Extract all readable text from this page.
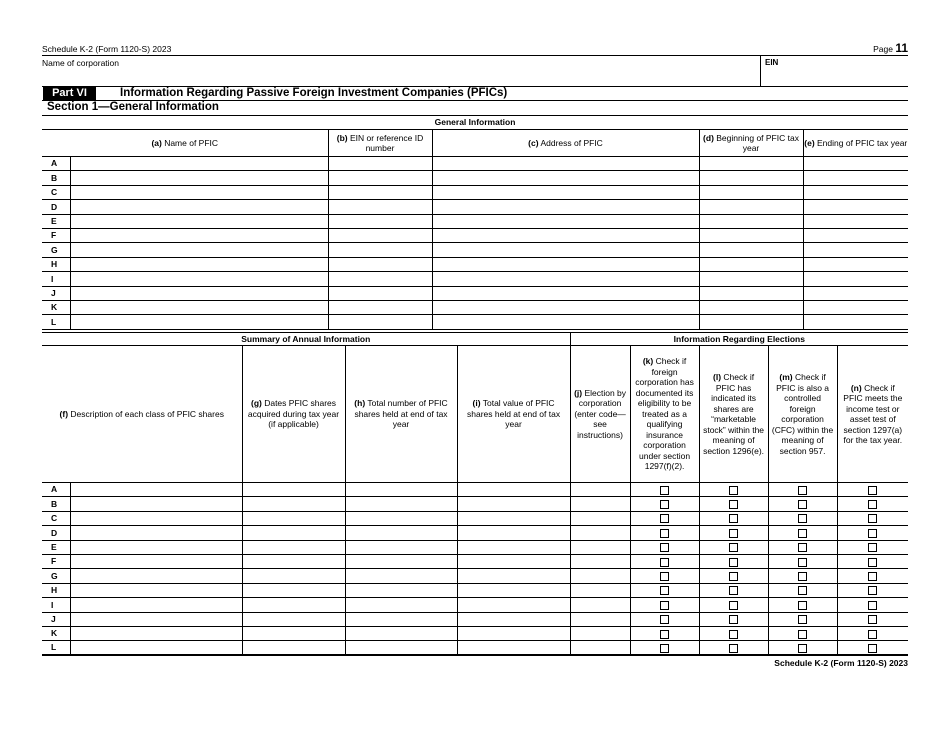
Schedule K-2 (Form 1120-S) 2023	Page 11
Name of corporation	EIN
Part VI	Information Regarding Passive Foreign Investment Companies (PFICs)
Section 1—General Information
General Information					
(a) Name of PFIC		(b) EIN or reference ID number	(c) Address of PFIC	(d) Beginning of PFIC tax year	(e) Ending of PFIC tax year
A					
B					
C					
D					
E					
F					
G					
H					
I					
J					
K					
L					
Summary of Annual Information					Information Regarding Elections				
(f) Description of each class of PFIC shares		(g) Dates PFIC shares acquired during tax year (if applicable)	(h) Total number of PFIC shares held at end of tax year	(i) Total value of PFIC shares held at end of tax year	(j) Election by corporation (enter code—see instructions)	(k) Check if foreign corporation has documented its eligibility to be treated as a qualifying insurance corporation under section 1297(f)(2).	(l) Check if PFIC has indicated its shares are “marketable stock” within the meaning of section 1296(e).	(m) Check if PFIC is also a controlled foreign corporation (CFC) within the meaning of section 957.	(n) Check if PFIC meets the income test or asset test of section 1297(a) for the tax year.
A									
B									
C									
D									
E									
F									
G									
H									
I									
J									
K									
L									
Schedule K-2 (Form 1120-S) 2023
